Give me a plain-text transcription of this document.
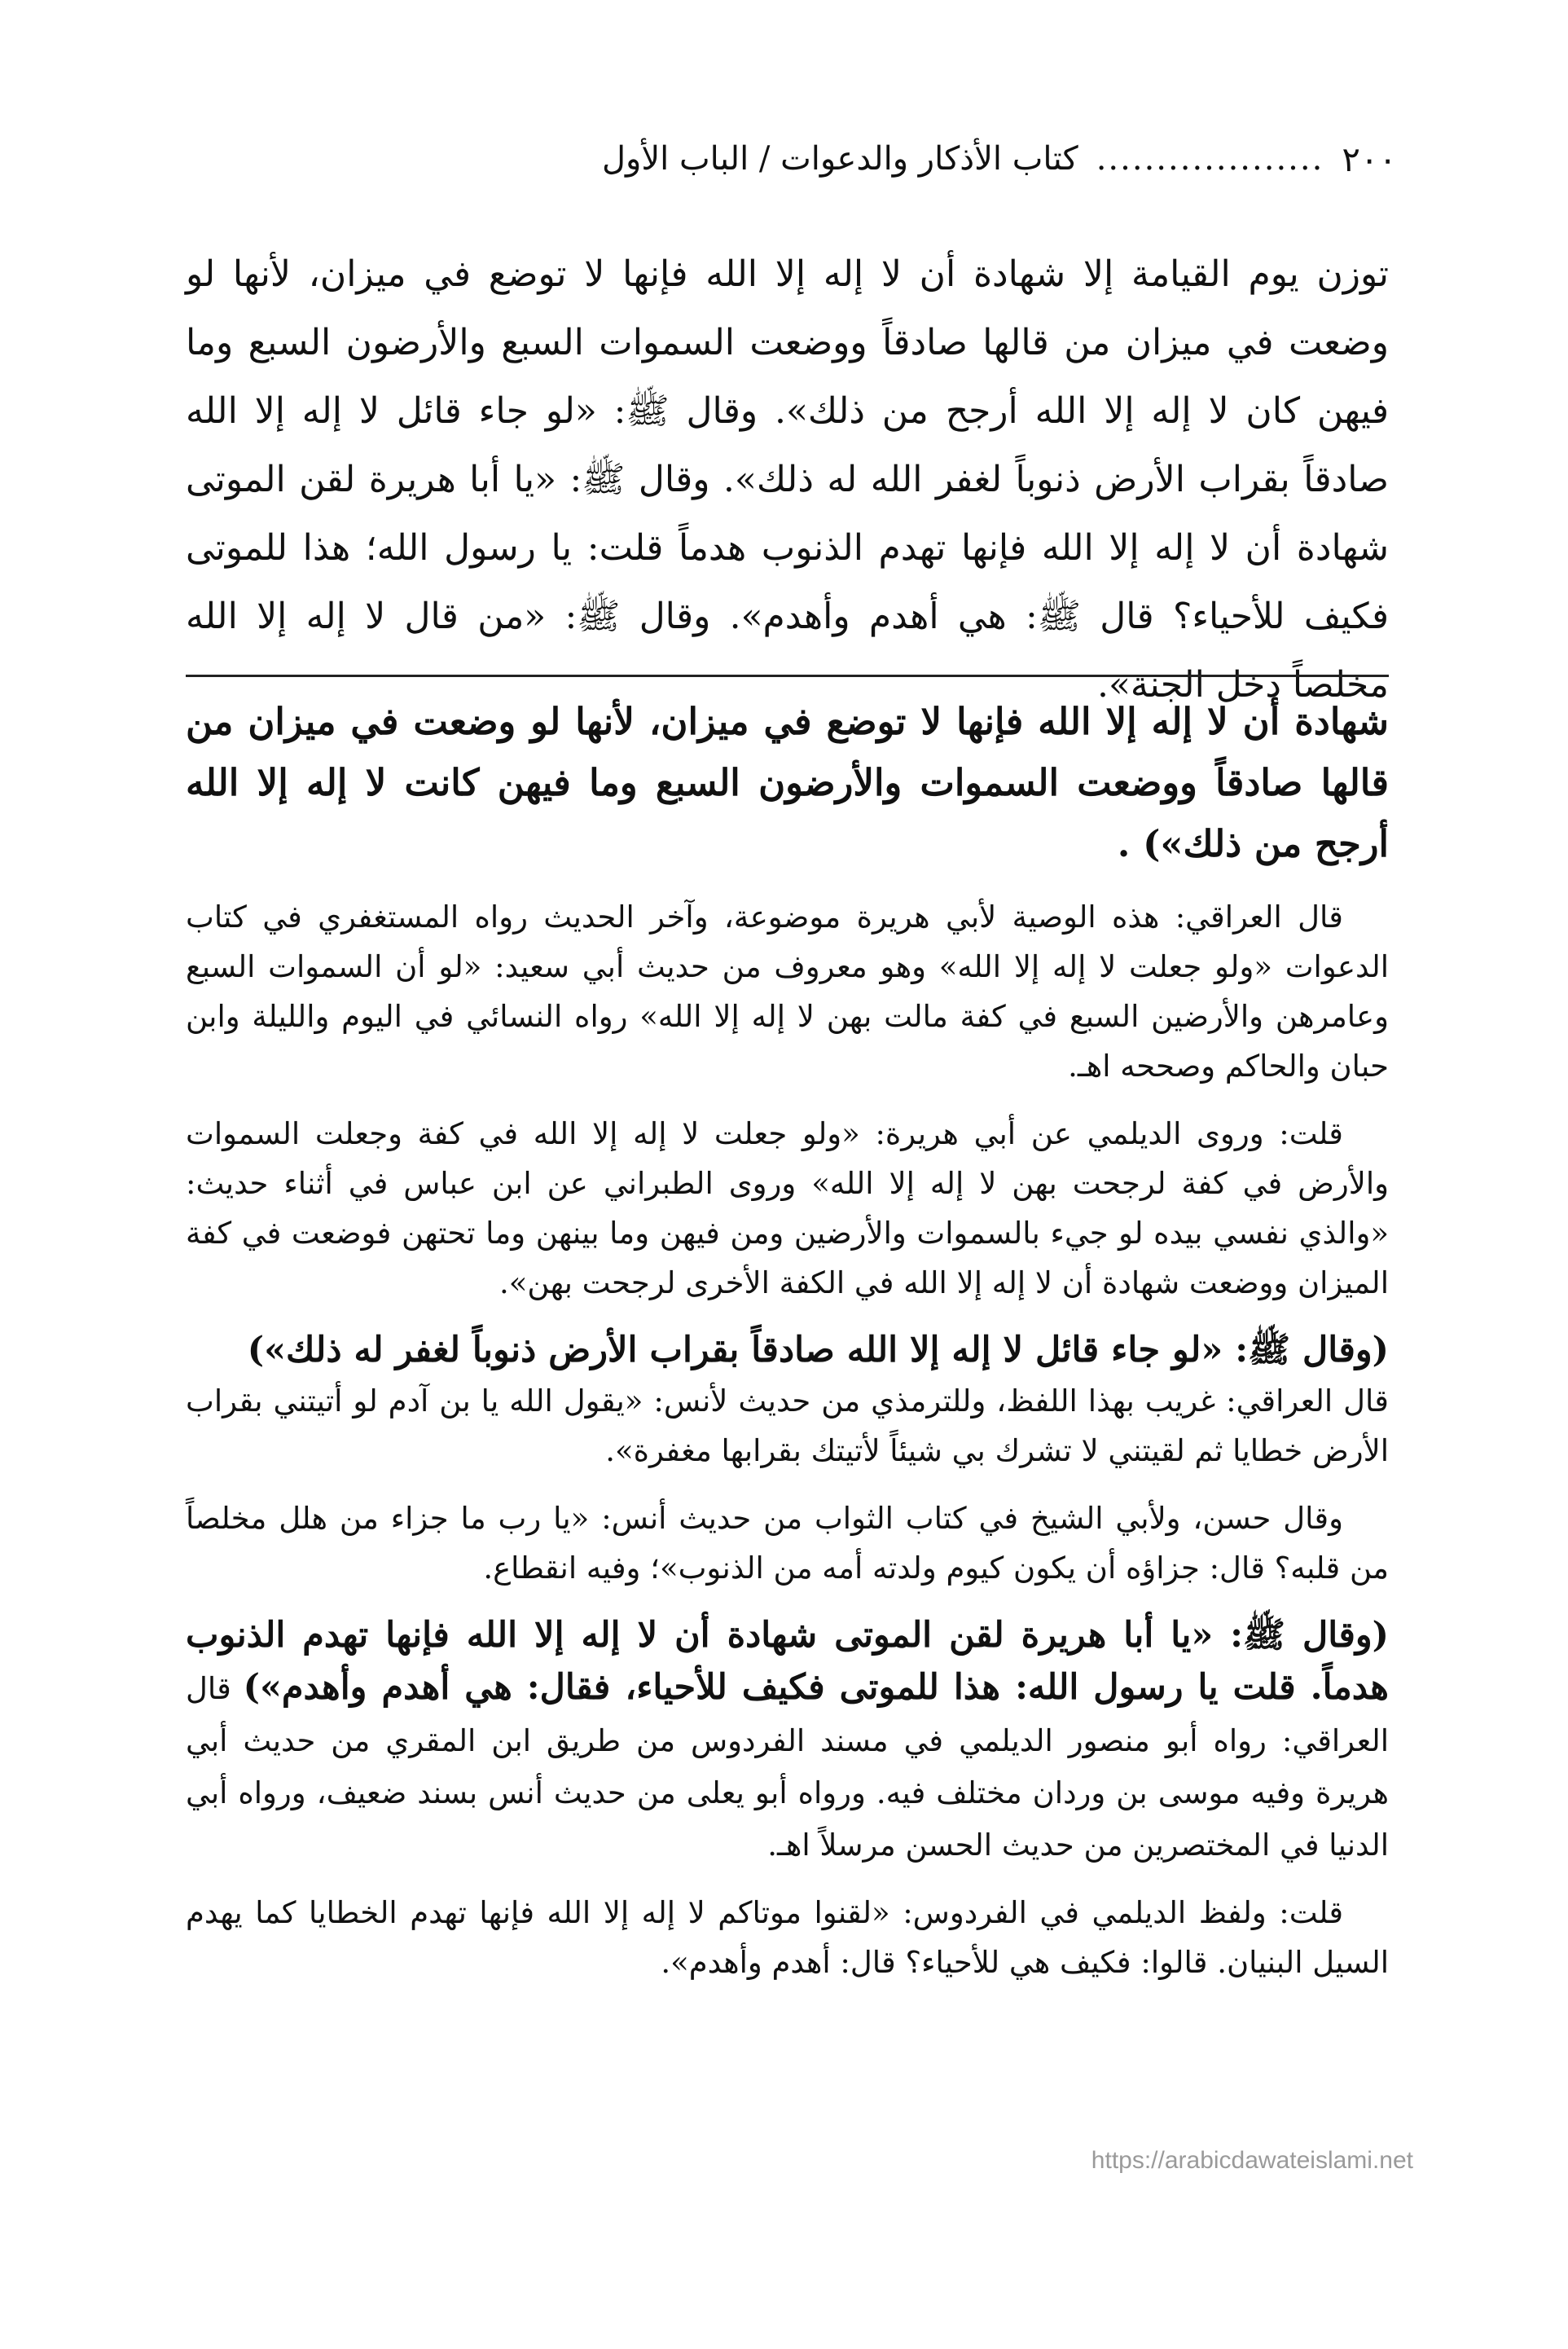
٢٠٠
...................
كتاب الأذكار والدعوات / الباب الأول
توزن يوم القيامة إلا شهادة أن لا إله إلا الله فإنها لا توضع في ميزان، لأنها لو وضعت في ميزان من قالها صادقاً ووضعت السموات السبع والأرضون السبع وما فيهن كان لا إله إلا الله أرجح من ذلك». وقال ﷺ: «لو جاء قائل لا إله إلا الله صادقاً بقراب الأرض ذنوباً لغفر الله له ذلك». وقال ﷺ: «يا أبا هريرة لقن الموتى شهادة أن لا إله إلا الله فإنها تهدم الذنوب هدماً قلت: يا رسول الله؛ هذا للموتى فكيف للأحياء؟ قال ﷺ: هي أهدم وأهدم». وقال ﷺ: «من قال لا إله إلا الله مخلصاً دخل الجنة».

شهادة أن لا إله إلا الله فإنها لا توضع في ميزان، لأنها لو وضعت في ميزان من قالها صادقاً ووضعت السموات والأرضون السبع وما فيهن كانت لا إله إلا الله أرجح من ذلك») .

قال العراقي: هذه الوصية لأبي هريرة موضوعة، وآخر الحديث رواه المستغفري في كتاب الدعوات «ولو جعلت لا إله إلا الله» وهو معروف من حديث أبي سعيد: «لو أن السموات السبع وعامرهن والأرضين السبع في كفة مالت بهن لا إله إلا الله» رواه النسائي في اليوم والليلة وابن حبان والحاكم وصححه اهـ.

قلت: وروى الديلمي عن أبي هريرة: «ولو جعلت لا إله إلا الله في كفة وجعلت السموات والأرض في كفة لرجحت بهن لا إله إلا الله» وروى الطبراني عن ابن عباس في أثناء حديث: «والذي نفسي بيده لو جيء بالسموات والأرضين ومن فيهن وما بينهن وما تحتهن فوضعت في كفة الميزان ووضعت شهادة أن لا إله إلا الله في الكفة الأخرى لرجحت بهن».

(وقال ﷺ: «لو جاء قائل لا إله إلا الله صادقاً بقراب الأرض ذنوباً لغفر له ذلك»)

قال العراقي: غريب بهذا اللفظ، وللترمذي من حديث لأنس: «يقول الله يا بن آدم لو أتيتني بقراب الأرض خطايا ثم لقيتني لا تشرك بي شيئاً لأتيتك بقرابها مغفرة».

وقال حسن، ولأبي الشيخ في كتاب الثواب من حديث أنس: «يا رب ما جزاء من هلل مخلصاً من قلبه؟ قال: جزاؤه أن يكون كيوم ولدته أمه من الذنوب»؛ وفيه انقطاع.

(وقال ﷺ: «يا أبا هريرة لقن الموتى شهادة أن لا إله إلا الله فإنها تهدم الذنوب هدماً. قلت يا رسول الله: هذا للموتى فكيف للأحياء، فقال: هي أهدم وأهدم») قال العراقي: رواه أبو منصور الديلمي في مسند الفردوس من طريق ابن المقري من حديث أبي هريرة وفيه موسى بن وردان مختلف فيه. ورواه أبو يعلى من حديث أنس بسند ضعيف، ورواه أبي الدنيا في المختصرين من حديث الحسن مرسلاً اهـ.

قلت: ولفظ الديلمي في الفردوس: «لقنوا موتاكم لا إله إلا الله فإنها تهدم الخطايا كما يهدم السيل البنيان. قالوا: فكيف هي للأحياء؟ قال: أهدم وأهدم».

https://arabicdawateislami.net
